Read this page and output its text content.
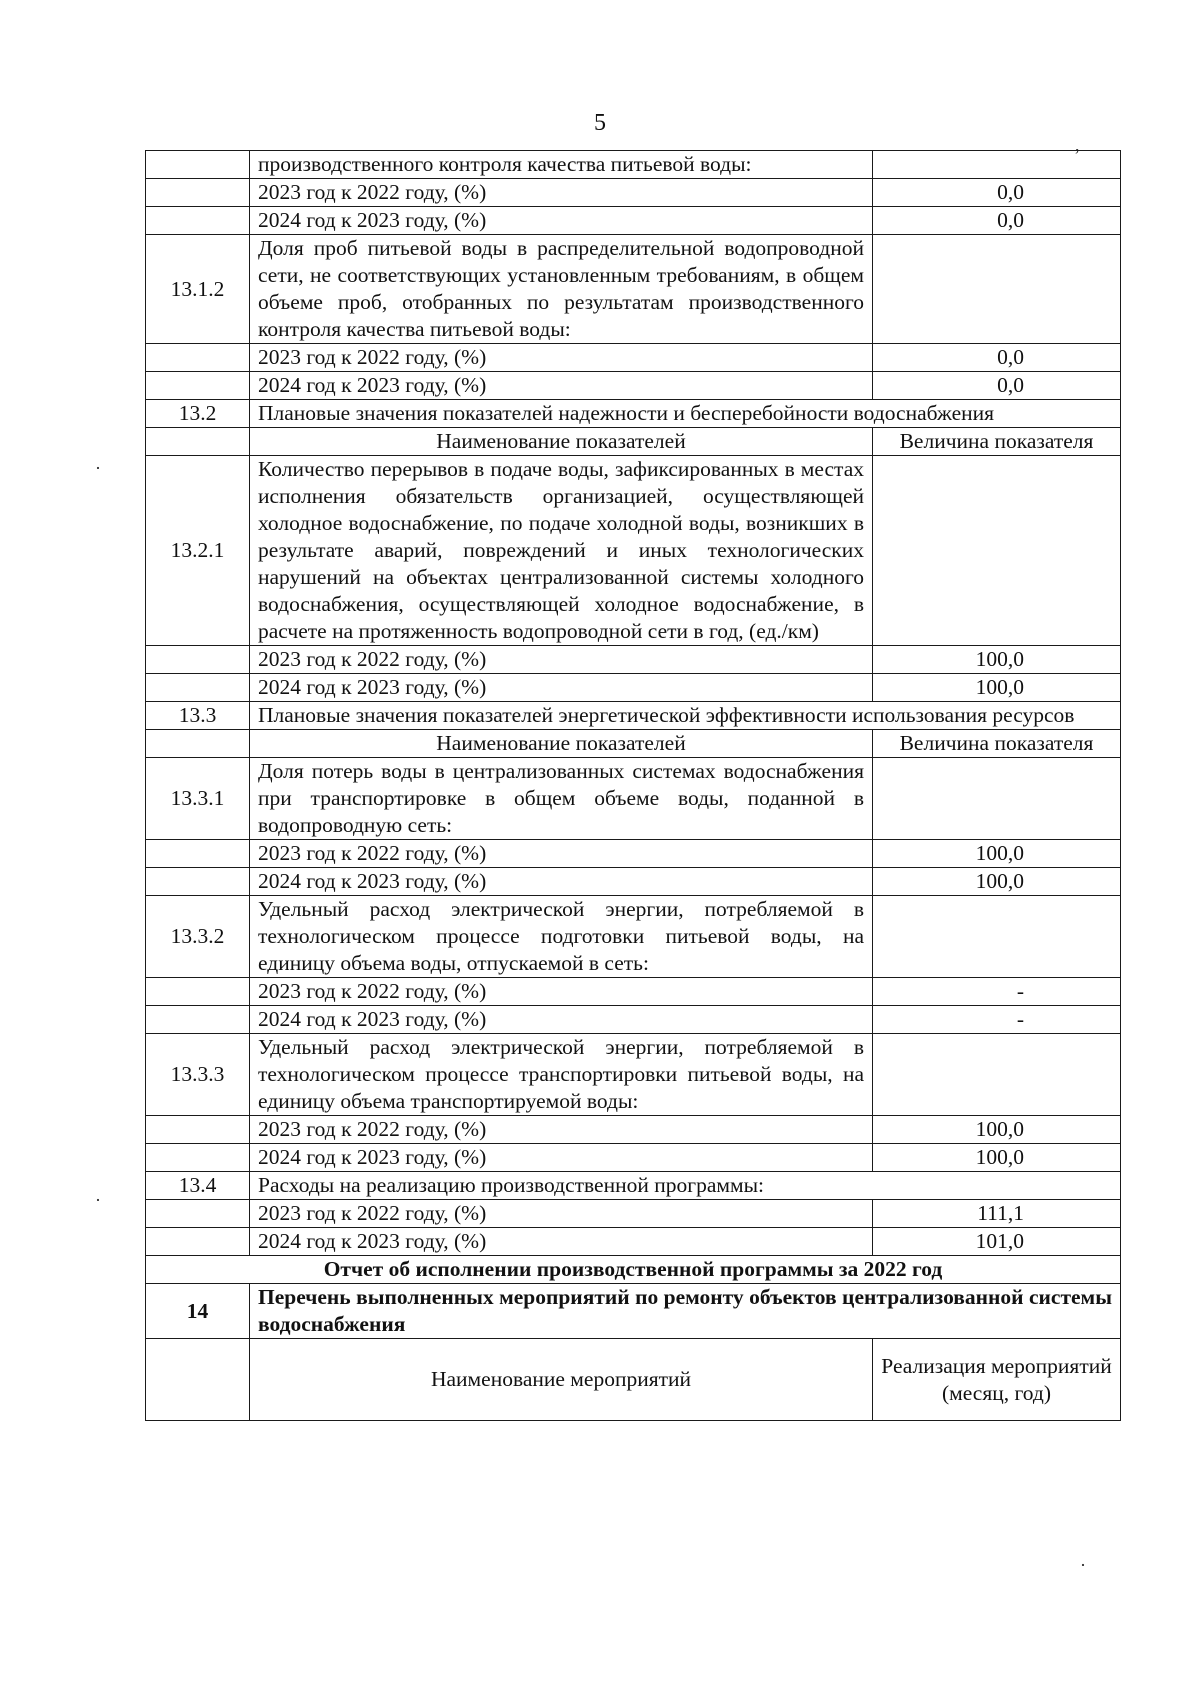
5
,
·
·
·
	производственного контроля качества питьевой воды:	
	2023 год к 2022 году, (%)	0,0
	2024 год к 2023 году, (%)	0,0
13.1.2	Доля проб питьевой воды в распределительной водопроводной сети, не соответствующих установленным требованиям, в общем объеме проб, отобранных по результатам производственного контроля качества питьевой воды:	
	2023 год к 2022 году, (%)	0,0
	2024 год к 2023 году, (%)	0,0
13.2	Плановые значения показателей надежности и бесперебойности водоснабжения	
	Наименование показателей	Величина показателя
13.2.1	Количество перерывов в подаче воды, зафиксированных в местах исполнения обязательств организацией, осуществляющей холодное водоснабжение, по подаче холодной воды, возникших в результате аварий, повреждений и иных технологических нарушений на объектах централизованной системы холодного водоснабжения, осуществляющей холодное водоснабжение, в расчете на протяженность водопроводной сети в год, (ед./км)	
	2023 год к 2022 году, (%)	100,0
	2024 год к 2023 году, (%)	100,0
13.3	Плановые значения показателей энергетической эффективности использования ресурсов	
	Наименование показателей	Величина показателя
13.3.1	Доля потерь воды в централизованных системах водоснабжения при транспортировке в общем объеме воды, поданной в водопроводную сеть:	
	2023 год к 2022 году, (%)	100,0
	2024 год к 2023 году, (%)	100,0
13.3.2	Удельный расход электрической энергии, потребляемой в технологическом процессе подготовки питьевой воды, на единицу объема воды, отпускаемой в сеть:	
	2023 год к 2022 году, (%)	-
	2024 год к 2023 году, (%)	-
13.3.3	Удельный расход электрической энергии, потребляемой в технологическом процессе транспортировки питьевой воды, на единицу объема транспортируемой воды:	
	2023 год к 2022 году, (%)	100,0
	2024 год к 2023 году, (%)	100,0
13.4	Расходы на реализацию производственной программы:	
	2023 год к 2022 году, (%)	111,1
	2024 год к 2023 году, (%)	101,0
Отчет об исполнении производственной программы за 2022 год		
14	Перечень выполненных мероприятий по ремонту объектов централизованной системы водоснабжения	
	Наименование мероприятий	Реализация мероприятий (месяц, год)
